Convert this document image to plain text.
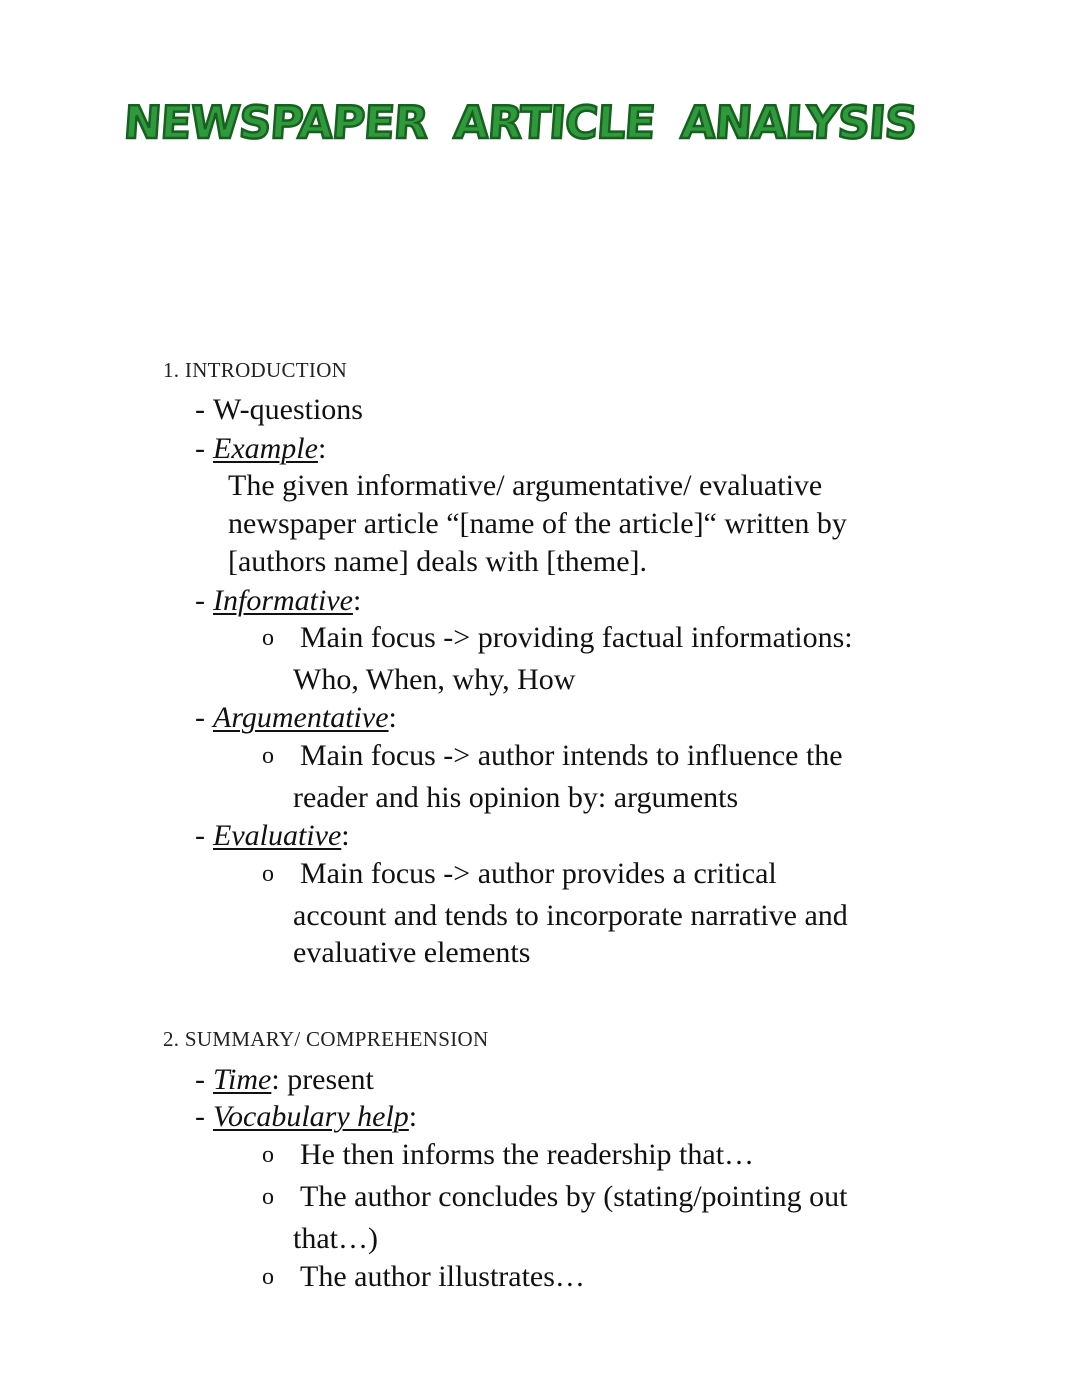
NEWSPAPER ARTICLE ANALYSIS
1. INTRODUCTION
- W-questions
- Example:
The given informative/ argumentative/ evaluative
newspaper article “[name of the article]“ written by
[authors name] deals with [theme].
- Informative:
o Main focus -> providing factual informations:
Who, When, why, How
- Argumentative:
o Main focus -> author intends to influence the
reader and his opinion by: arguments
- Evaluative:
o Main focus -> author provides a critical
account and tends to incorporate narrative and
evaluative elements
2. SUMMARY/ COMPREHENSION
- Time: present
- Vocabulary help:
o He then informs the readership that…
o The author concludes by (stating/pointing out
that…)
o The author illustrates…
